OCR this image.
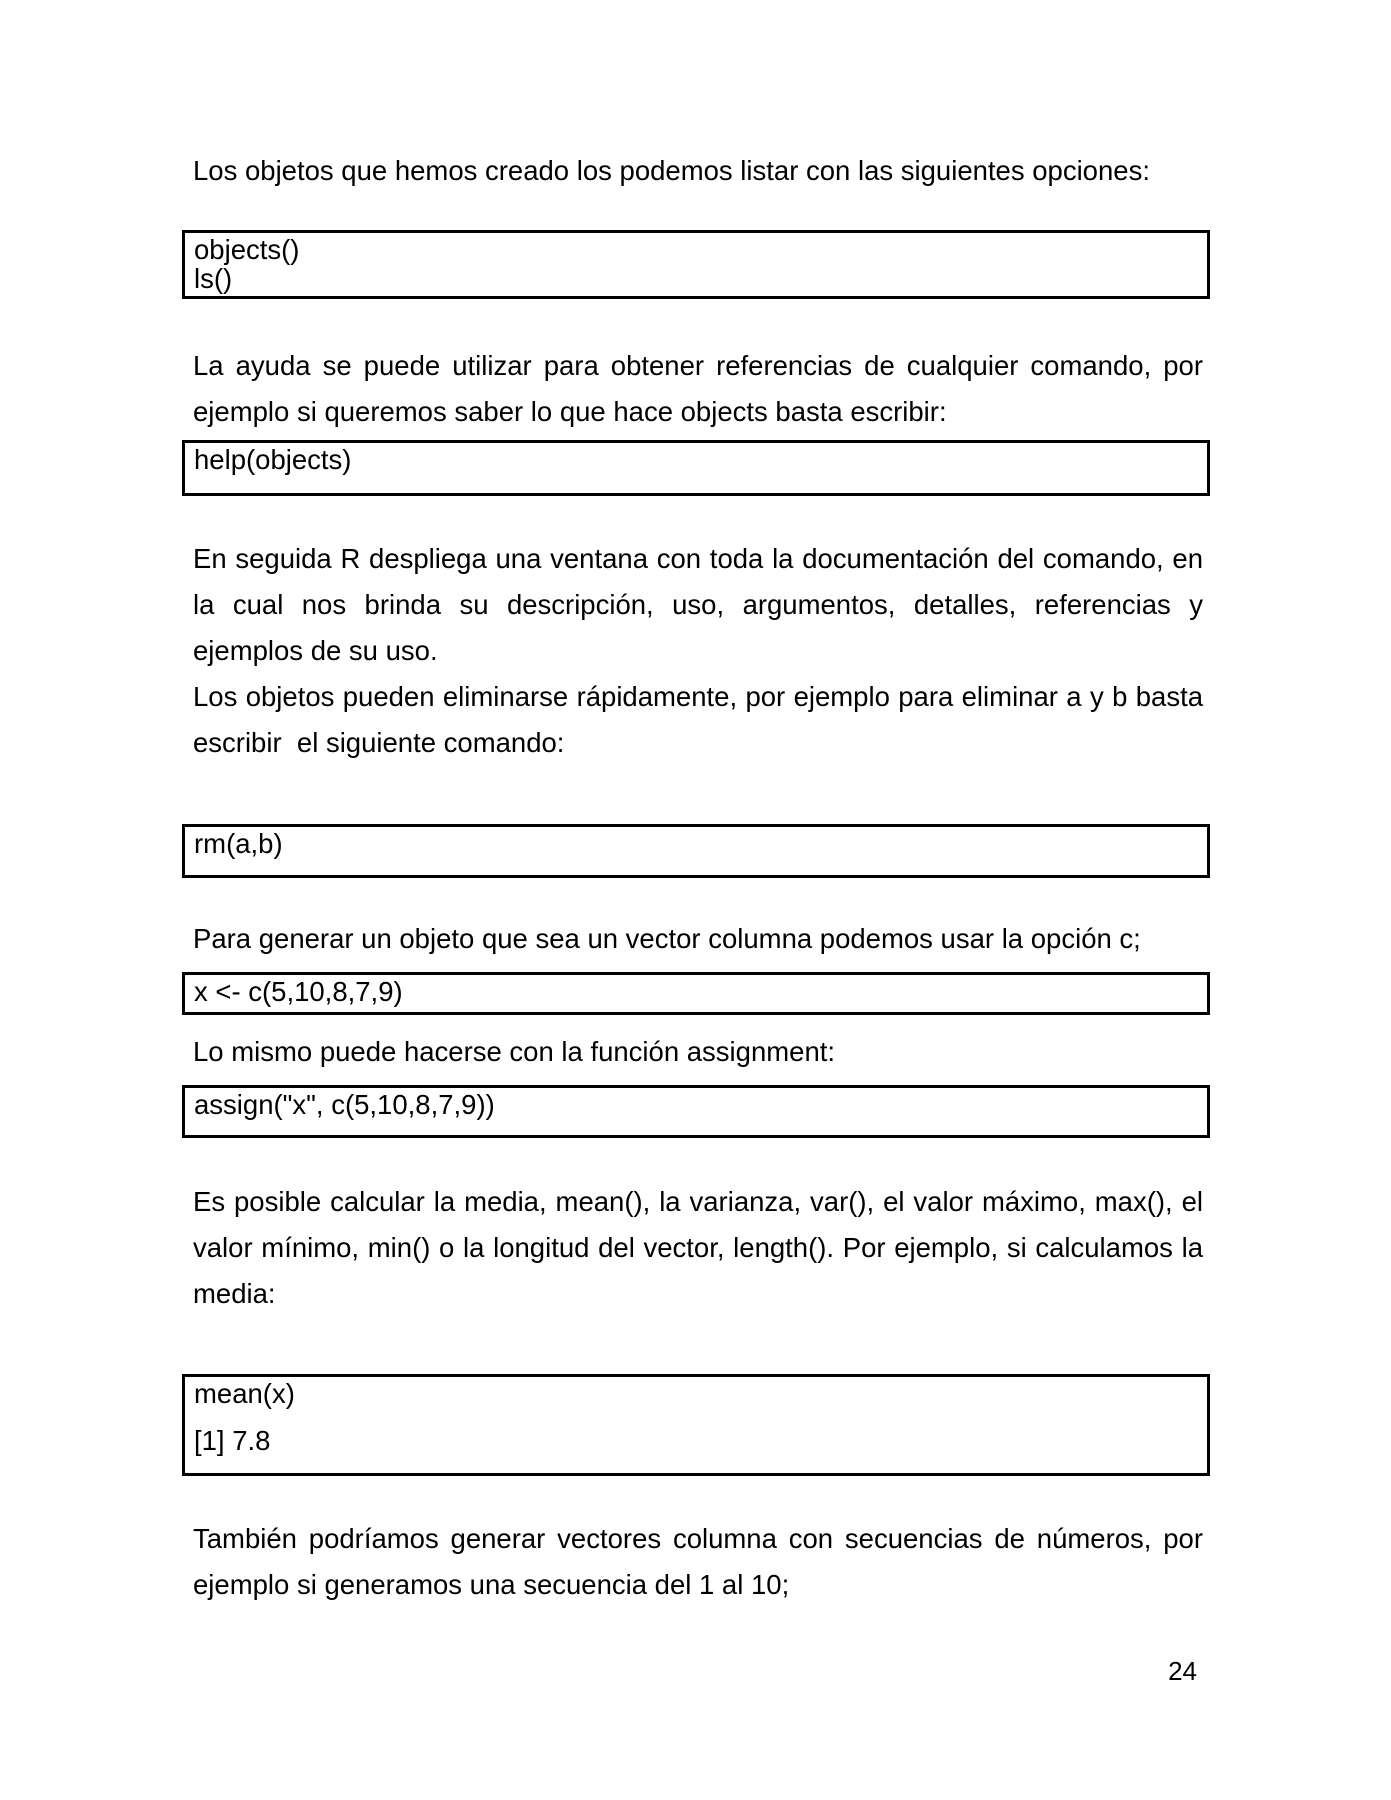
Los objetos que hemos creado los podemos listar con las siguientes opciones:

objects()
ls()

La ayuda se puede utilizar para obtener referencias de cualquier comando, por ejemplo si queremos saber lo que hace objects basta escribir:

help(objects)

En seguida R despliega una ventana con toda la documentación del comando, en la cual nos brinda su descripción, uso, argumentos, detalles, referencias y ejemplos de su uso.

Los objetos pueden eliminarse rápidamente, por ejemplo para eliminar a y b basta escribir  el siguiente comando:

rm(a,b)

Para generar un objeto que sea un vector columna podemos usar la opción c;

x <- c(5,10,8,7,9)

Lo mismo puede hacerse con la función assignment:

assign("x", c(5,10,8,7,9))

Es posible calcular la media, mean(), la varianza, var(), el valor máximo, max(), el valor mínimo, min() o la longitud del vector, length(). Por ejemplo, si calculamos la media:

mean(x)
[1] 7.8

También podríamos generar vectores columna con secuencias de números, por ejemplo si generamos una secuencia del 1 al 10;

24
